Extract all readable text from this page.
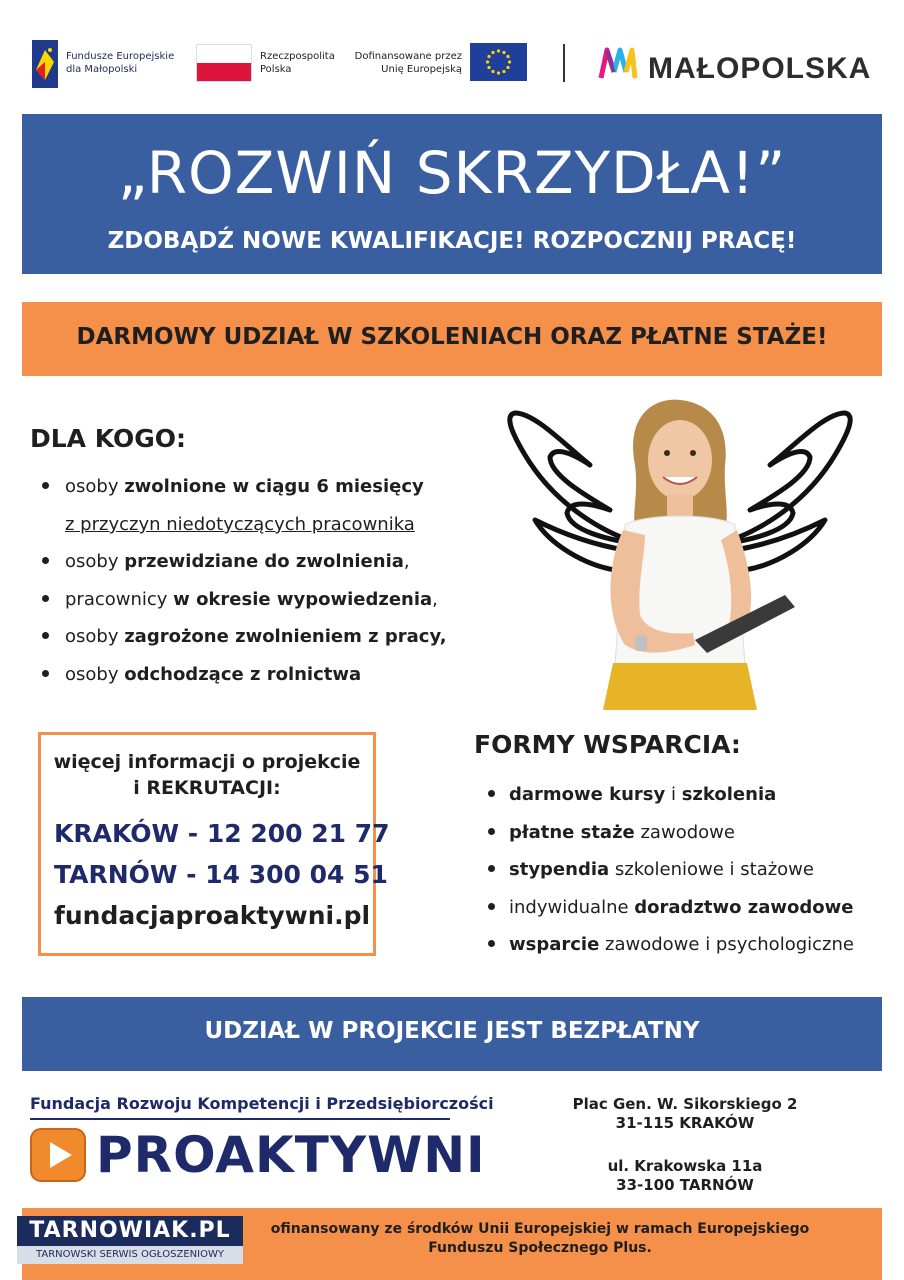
Fundusze Europejskie
dla Małopolski
Rzeczpospolita
Polska
Dofinansowane przez
Unię Europejską	MAŁOPOLSKA
„ROZWIŃ SKRZYDŁA!”
ZDOBĄDŹ NOWE KWALIFIKACJE! ROZPOCZNIJ PRACĘ!
DARMOWY UDZIAŁ W SZKOLENIACH ORAZ PŁATNE STAŻE!
DLA KOGO:
osoby zwolnione w ciągu 6 miesięcy
z przyczyn niedotyczących pracownika
osoby przewidziane do zwolnienia,
pracownicy w okresie wypowiedzenia,
osoby zagrożone zwolnieniem z pracy,
osoby odchodzące z rolnictwa
więcej informacji o projekcie
i REKRUTACJI:
KRAKÓW - 12 200 21 77
TARNÓW - 14 300 04 51
fundacjaproaktywni.pl
FORMY WSPARCIA:
darmowe kursy i szkolenia
płatne staże zawodowe
stypendia szkoleniowe i stażowe
indywidualne doradztwo zawodowe
wsparcie zawodowe i psychologiczne
UDZIAŁ W PROJEKCIE JEST BEZPŁATNY
Fundacja Rozwoju Kompetencji i Przedsiębiorczości
PROAKTYWNI
Plac Gen. W. Sikorskiego 2
31-115 KRAKÓW
ul. Krakowska 11a
33-100 TARNÓW
ofinansowany ze środków Unii Europejskiej w ramach Europejskiego
Funduszu Społecznego Plus.
TARNOWIAK.PL
TARNOWSKI SERWIS OGŁOSZENIOWY
